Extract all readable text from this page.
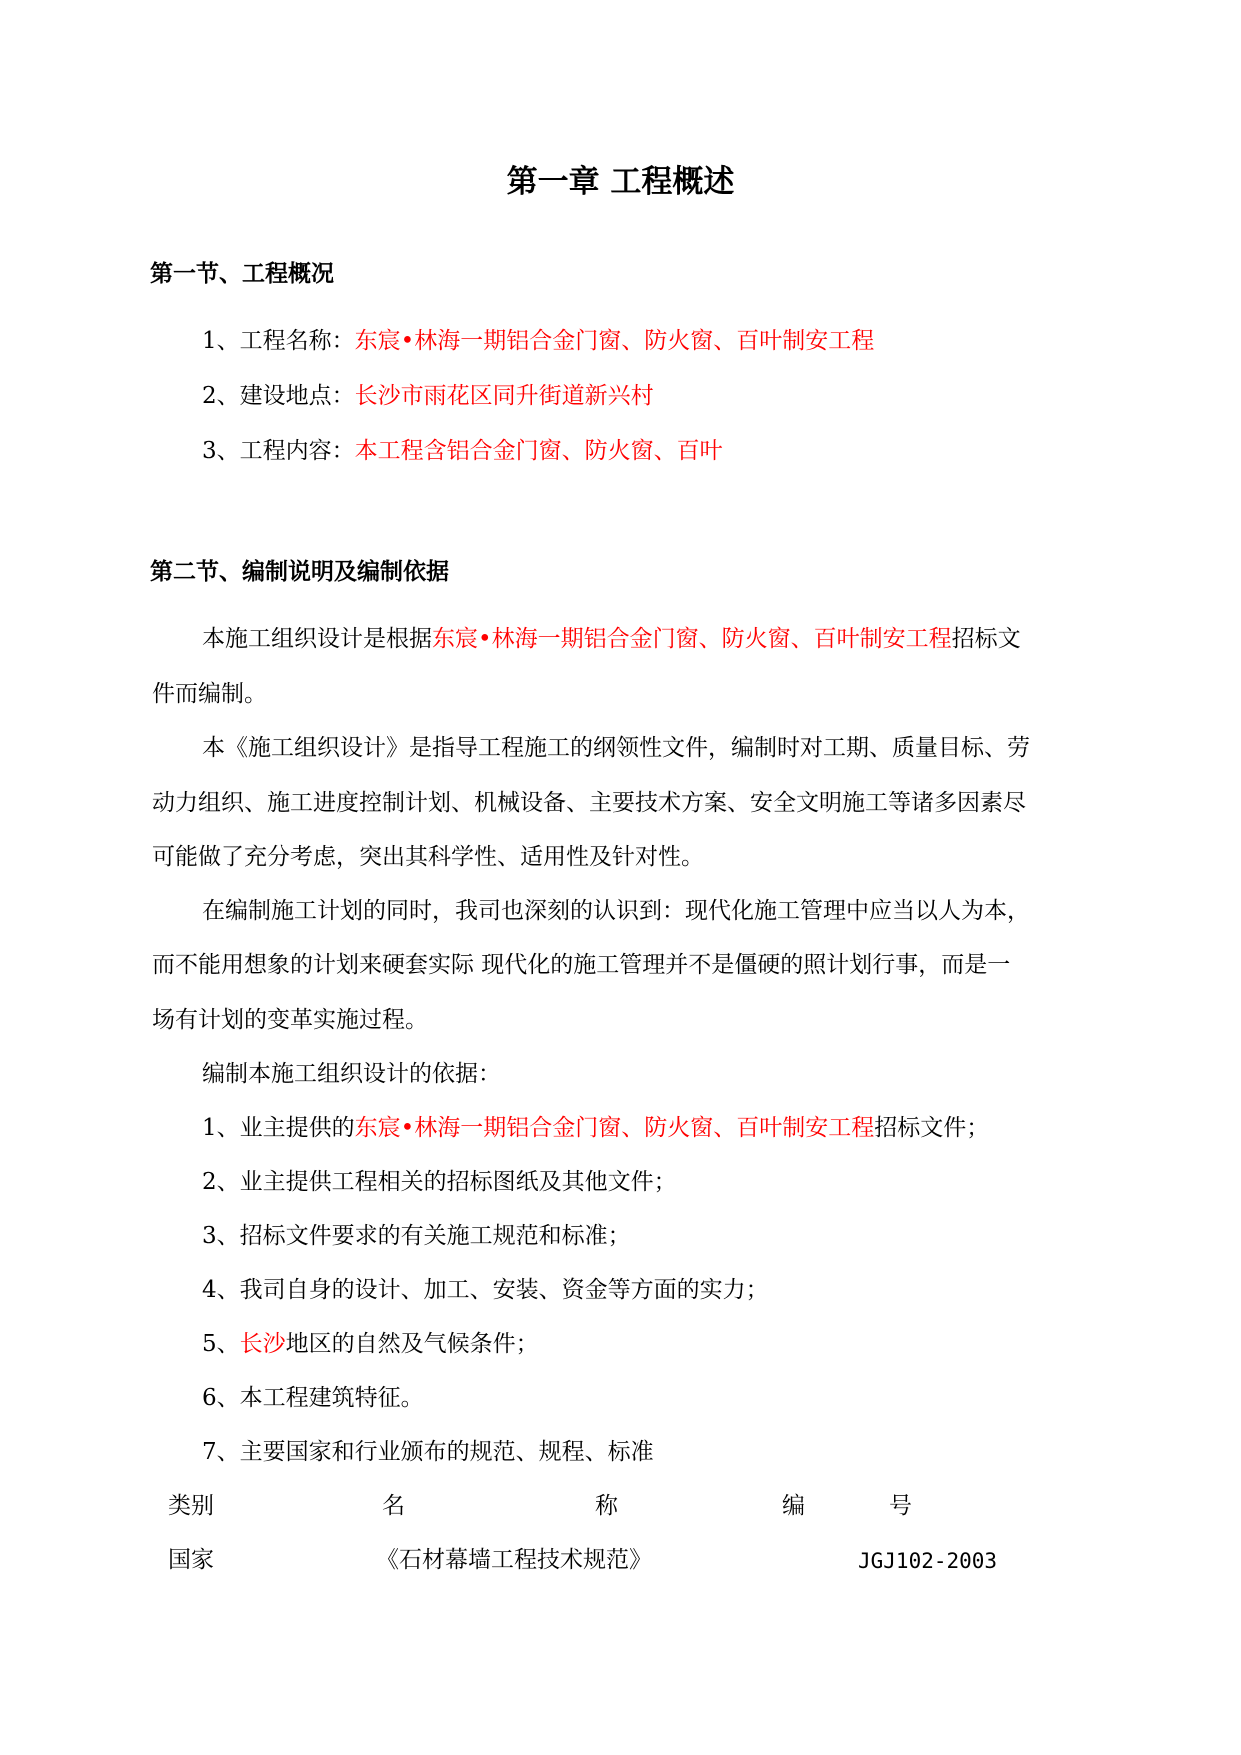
第一章 工程概述
第一节、工程概况
1、工程名称：东宸•林海一期铝合金门窗、防火窗、百叶制安工程
2、建设地点：长沙市雨花区同升街道新兴村
3、工程内容：本工程含铝合金门窗、防火窗、百叶
第二节、编制说明及编制依据
本施工组织设计是根据东宸•林海一期铝合金门窗、防火窗、百叶制安工程招标文
件而编制。
本《施工组织设计》是指导工程施工的纲领性文件，编制时对工期、质量目标、劳
动力组织、施工进度控制计划、机械设备、主要技术方案、安全文明施工等诸多因素尽
可能做了充分考虑，突出其科学性、适用性及针对性。
在编制施工计划的同时，我司也深刻的认识到：现代化施工管理中应当以人为本，
而不能用想象的计划来硬套实际 现代化的施工管理并不是僵硬的照计划行事，而是一
场有计划的变革实施过程。
编制本施工组织设计的依据：
1、业主提供的东宸•林海一期铝合金门窗、防火窗、百叶制安工程招标文件；
2、业主提供工程相关的招标图纸及其他文件；
3、招标文件要求的有关施工规范和标准；
4、我司自身的设计、加工、安装、资金等方面的实力；
5、长沙地区的自然及气候条件；
6、本工程建筑特征。
7、主要国家和行业颁布的规范、规程、标准
类别	名	称	编	号
国家	《石材幕墙工程技术规范》	JGJ102-2003
